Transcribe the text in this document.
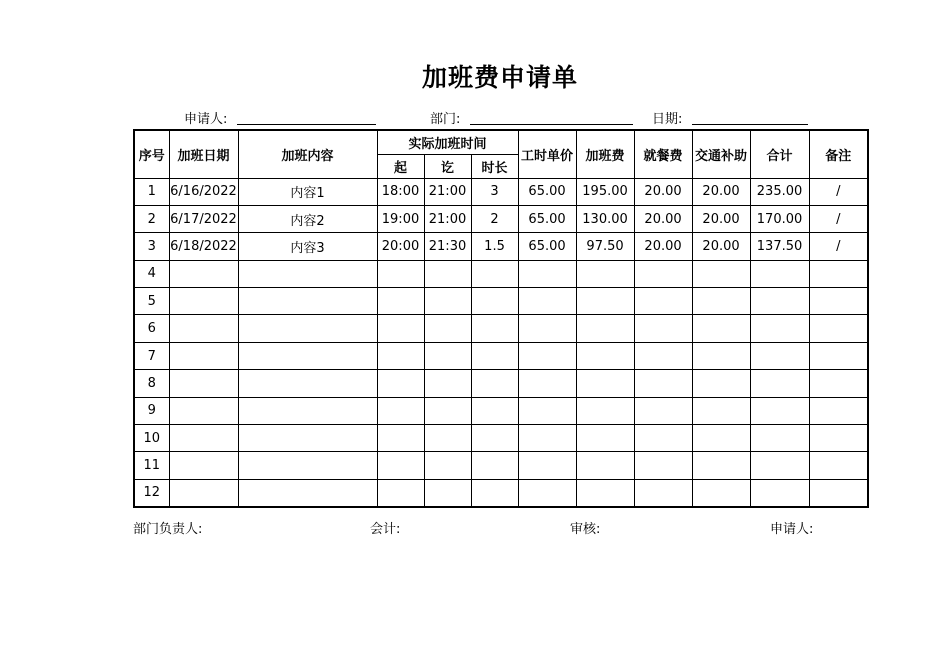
加班费申请单
申请人:	部门:	日期:
序号	加班日期	加班内容	实际加班时间			工时单价	加班费	就餐费	交通补助	合计	备注
			起	讫	时长						
1	6/16/2022	内容1	18:00	21:00	3	65.00	195.00	20.00	20.00	235.00	/
2	6/17/2022	内容2	19:00	21:00	2	65.00	130.00	20.00	20.00	170.00	/
3	6/18/2022	内容3	20:00	21:30	1.5	65.00	97.50	20.00	20.00	137.50	/
4											
5											
6											
7											
8											
9											
10											
11											
12											
部门负责人:	会计:	审核:	申请人:
